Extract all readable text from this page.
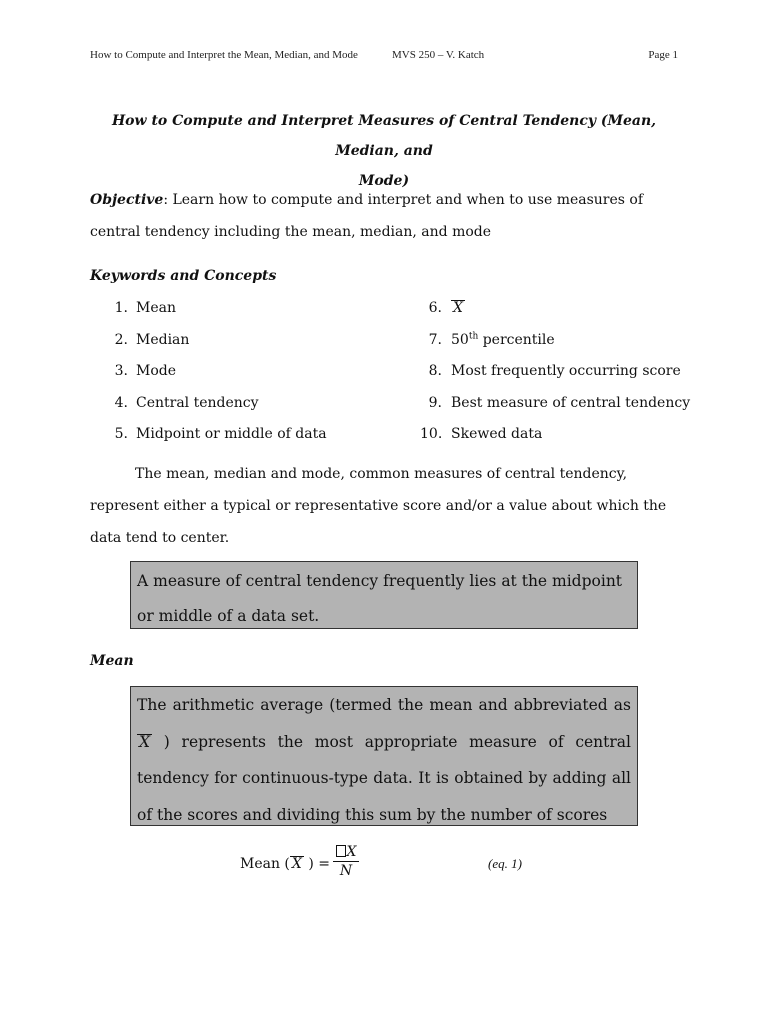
How to Compute and Interpret the Mean, Median, and Mode	MVS 250 – V. Katch	Page 1
How to Compute and Interpret Measures of Central Tendency (Mean, Median, and
Mode)
Objective: Learn how to compute and interpret and when to use measures of central tendency including the mean, median, and mode
Keywords and Concepts
1. Mean
2. Median
3. Mode
4. Central tendency
5. Midpoint or middle of data
6. X
7. 50th percentile
8. Most frequently occurring score
9. Best measure of central tendency
10. Skewed data
The mean, median and mode, common measures of central tendency, represent either a typical or representative score and/or a value about which the data tend to center.
A measure of central tendency frequently lies at the midpoint or middle of a data set.
Mean
The arithmetic average (termed the mean and abbreviated as X ) represents the most appropriate measure of central tendency for continuous-type data. It is obtained by adding all of the scores and dividing this sum by the number of scores
Mean ( X ) =
X
N	(eq. 1)
